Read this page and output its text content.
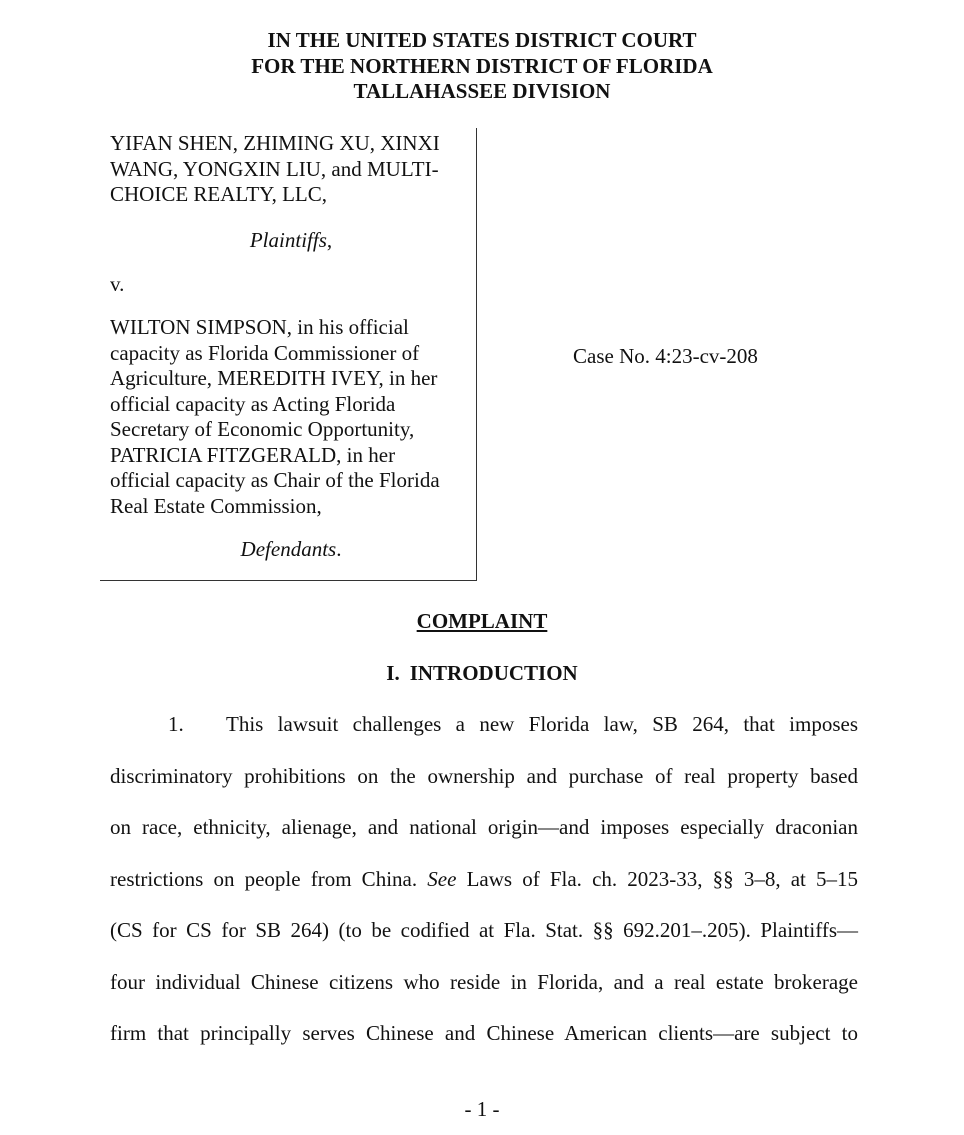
IN THE UNITED STATES DISTRICT COURT
FOR THE NORTHERN DISTRICT OF FLORIDA
TALLAHASSEE DIVISION
YIFAN SHEN, ZHIMING XU, XINXI
WANG, YONGXIN LIU, and MULTI-
CHOICE REALTY, LLC,
Plaintiffs,
v.
WILTON SIMPSON, in his official
capacity as Florida Commissioner of
Agriculture, MEREDITH IVEY, in her
official capacity as Acting Florida
Secretary of Economic Opportunity,
PATRICIA FITZGERALD, in her
official capacity as Chair of the Florida
Real Estate Commission,
Defendants.
Case No. 4:23-cv-208
COMPLAINT
I. INTRODUCTION
1. This lawsuit challenges a new Florida law, SB 264, that imposes
discriminatory prohibitions on the ownership and purchase of real property based
on race, ethnicity, alienage, and national origin—and imposes especially draconian
restrictions on people from China. See Laws of Fla. ch. 2023-33, §§ 3–8, at 5–15
(CS for CS for SB 264) (to be codified at Fla. Stat. §§ 692.201–.205). Plaintiffs—
four individual Chinese citizens who reside in Florida, and a real estate brokerage
firm that principally serves Chinese and Chinese American clients—are subject to
- 1 -
